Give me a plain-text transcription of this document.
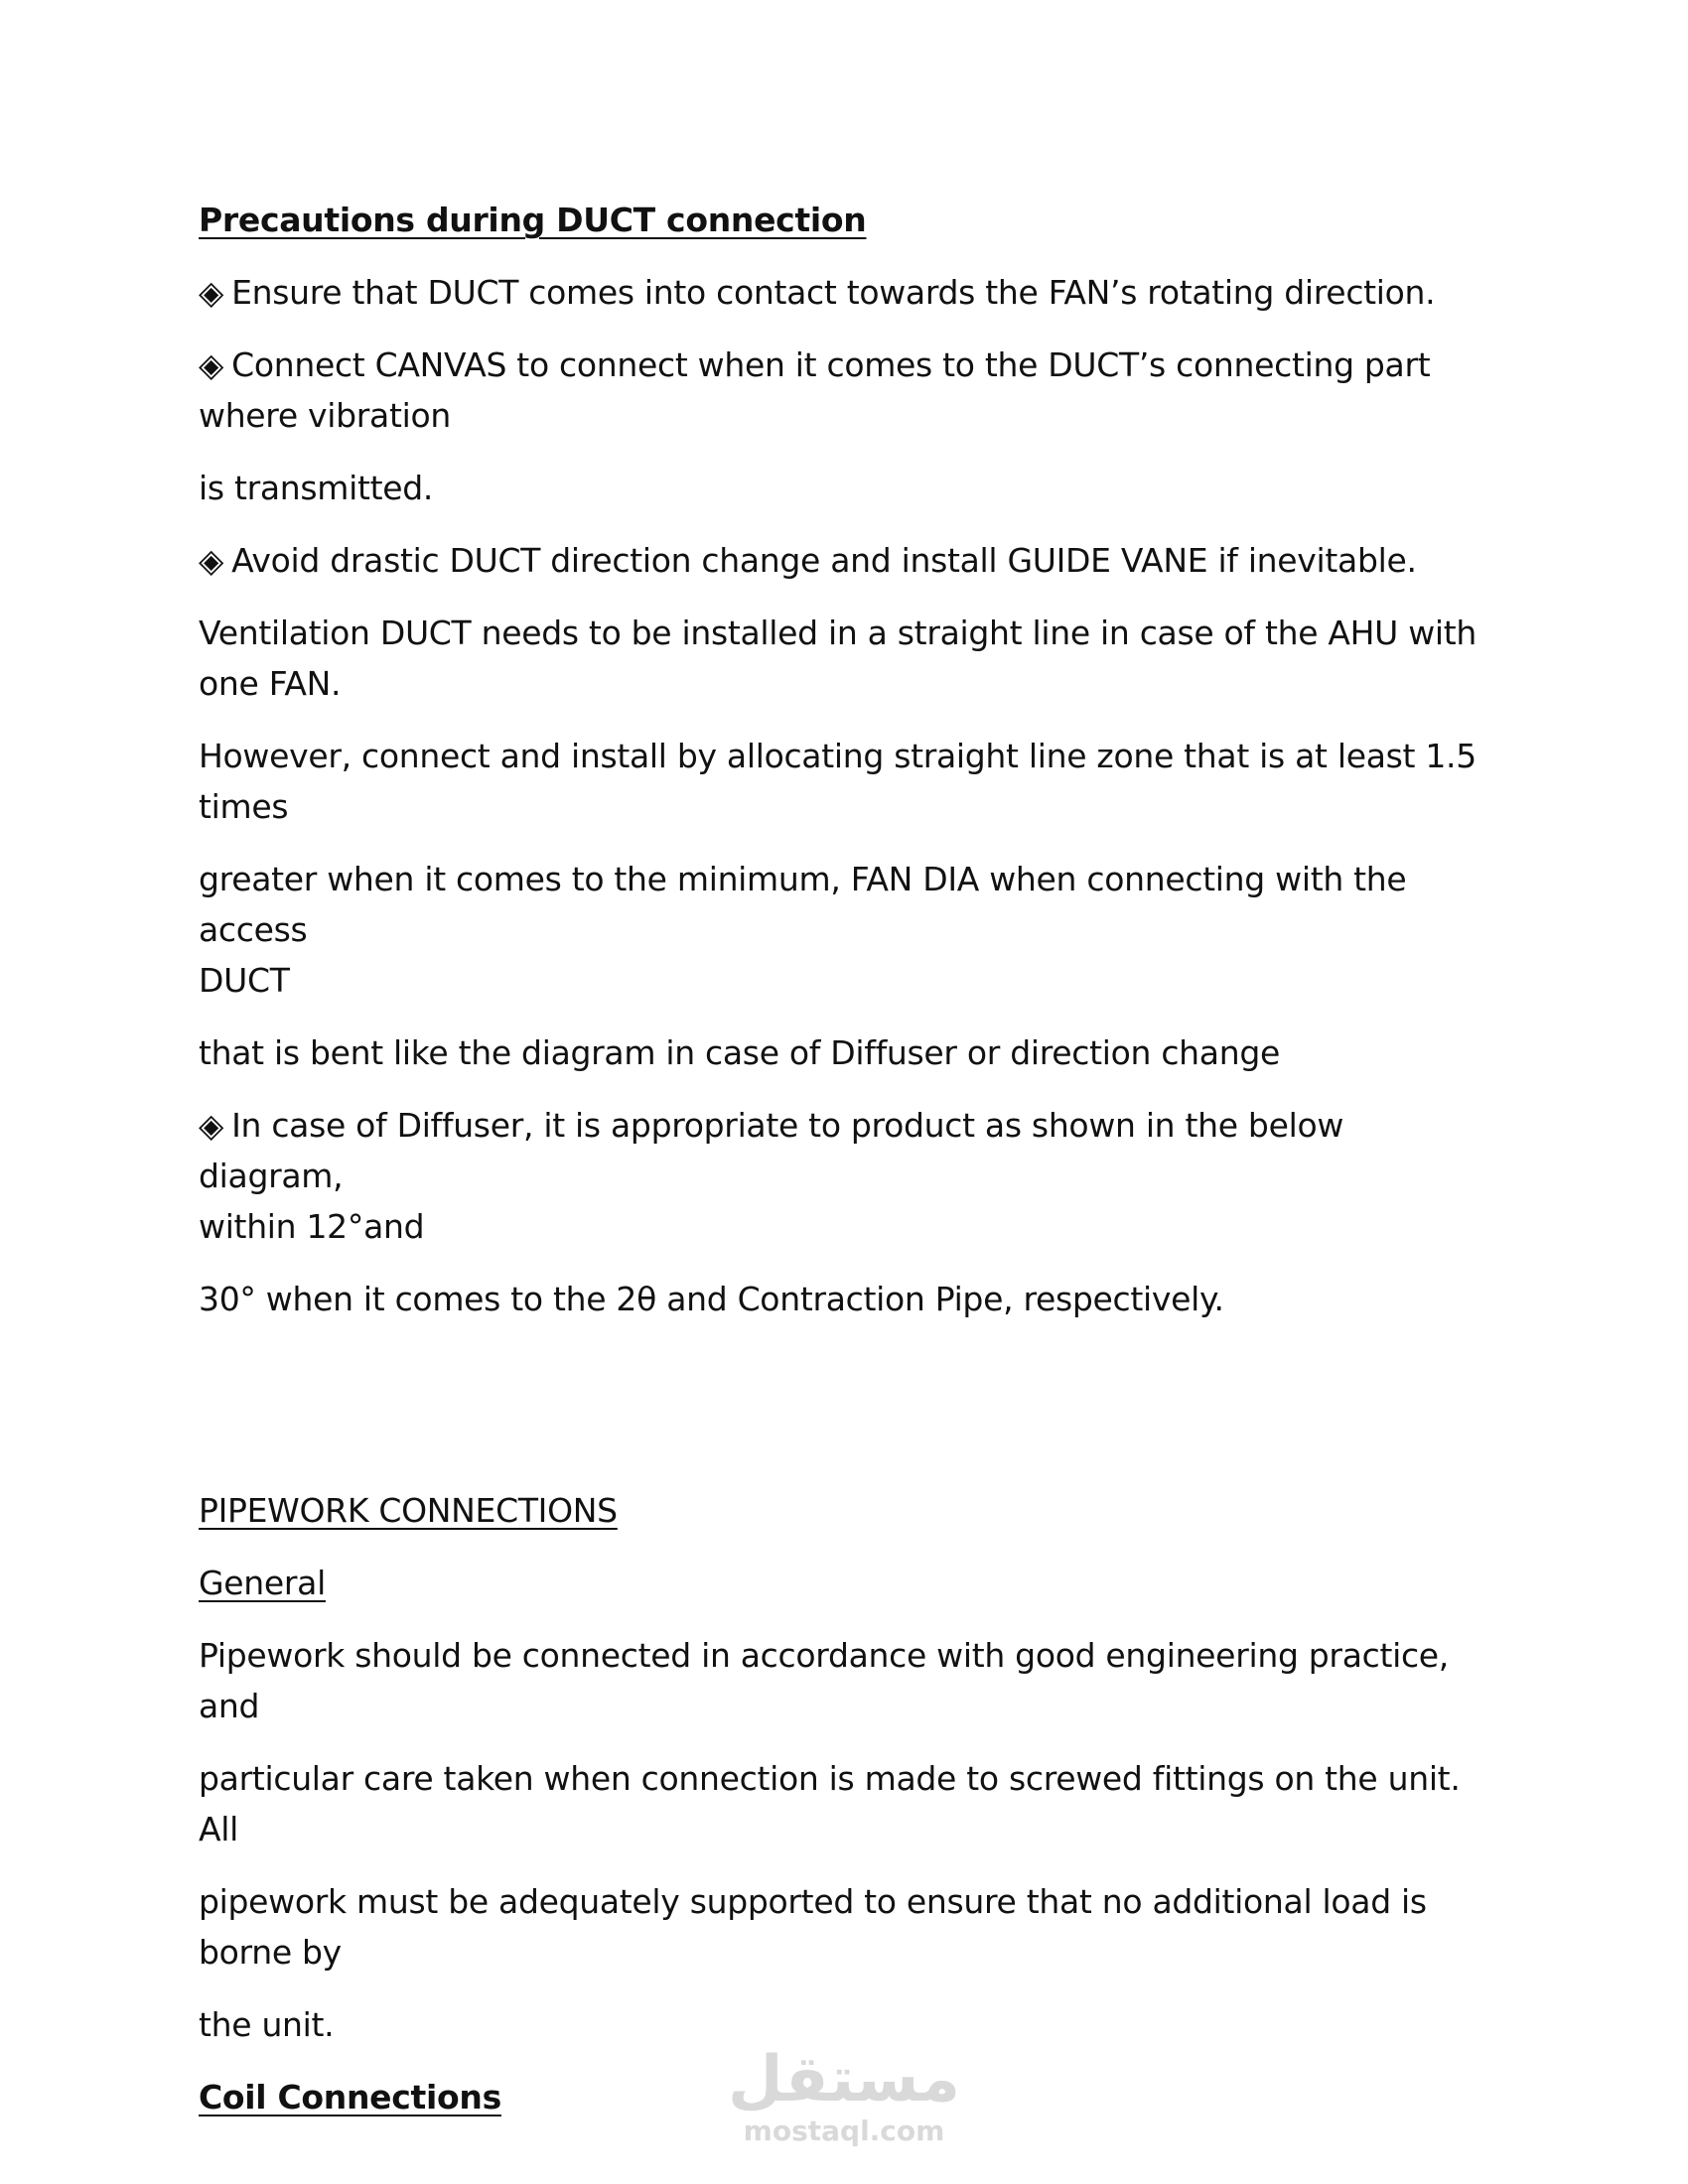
Precautions during DUCT connection
◈ Ensure that DUCT comes into contact towards the FAN’s rotating direction.
◈ Connect CANVAS to connect when it comes to the DUCT’s connecting part
where vibration
is transmitted.
◈ Avoid drastic DUCT direction change and install GUIDE VANE if inevitable.
Ventilation DUCT needs to be installed in a straight line in case of the AHU with
one FAN.
However, connect and install by allocating straight line zone that is at least 1.5
times
greater when it comes to the minimum, FAN DIA when connecting with the access
DUCT
that is bent like the diagram in case of Diffuser or direction change
◈ In case of Diffuser, it is appropriate to product as shown in the below diagram,
within 12°and
30° when it comes to the 2θ and Contraction Pipe, respectively.
PIPEWORK CONNECTIONS
General
Pipework should be connected in accordance with good engineering practice, and
particular care taken when connection is made to screwed fittings on the unit. All
pipework must be adequately supported to ensure that no additional load is
borne by
the unit.
Coil Connections	مستقل
mostaql.com
